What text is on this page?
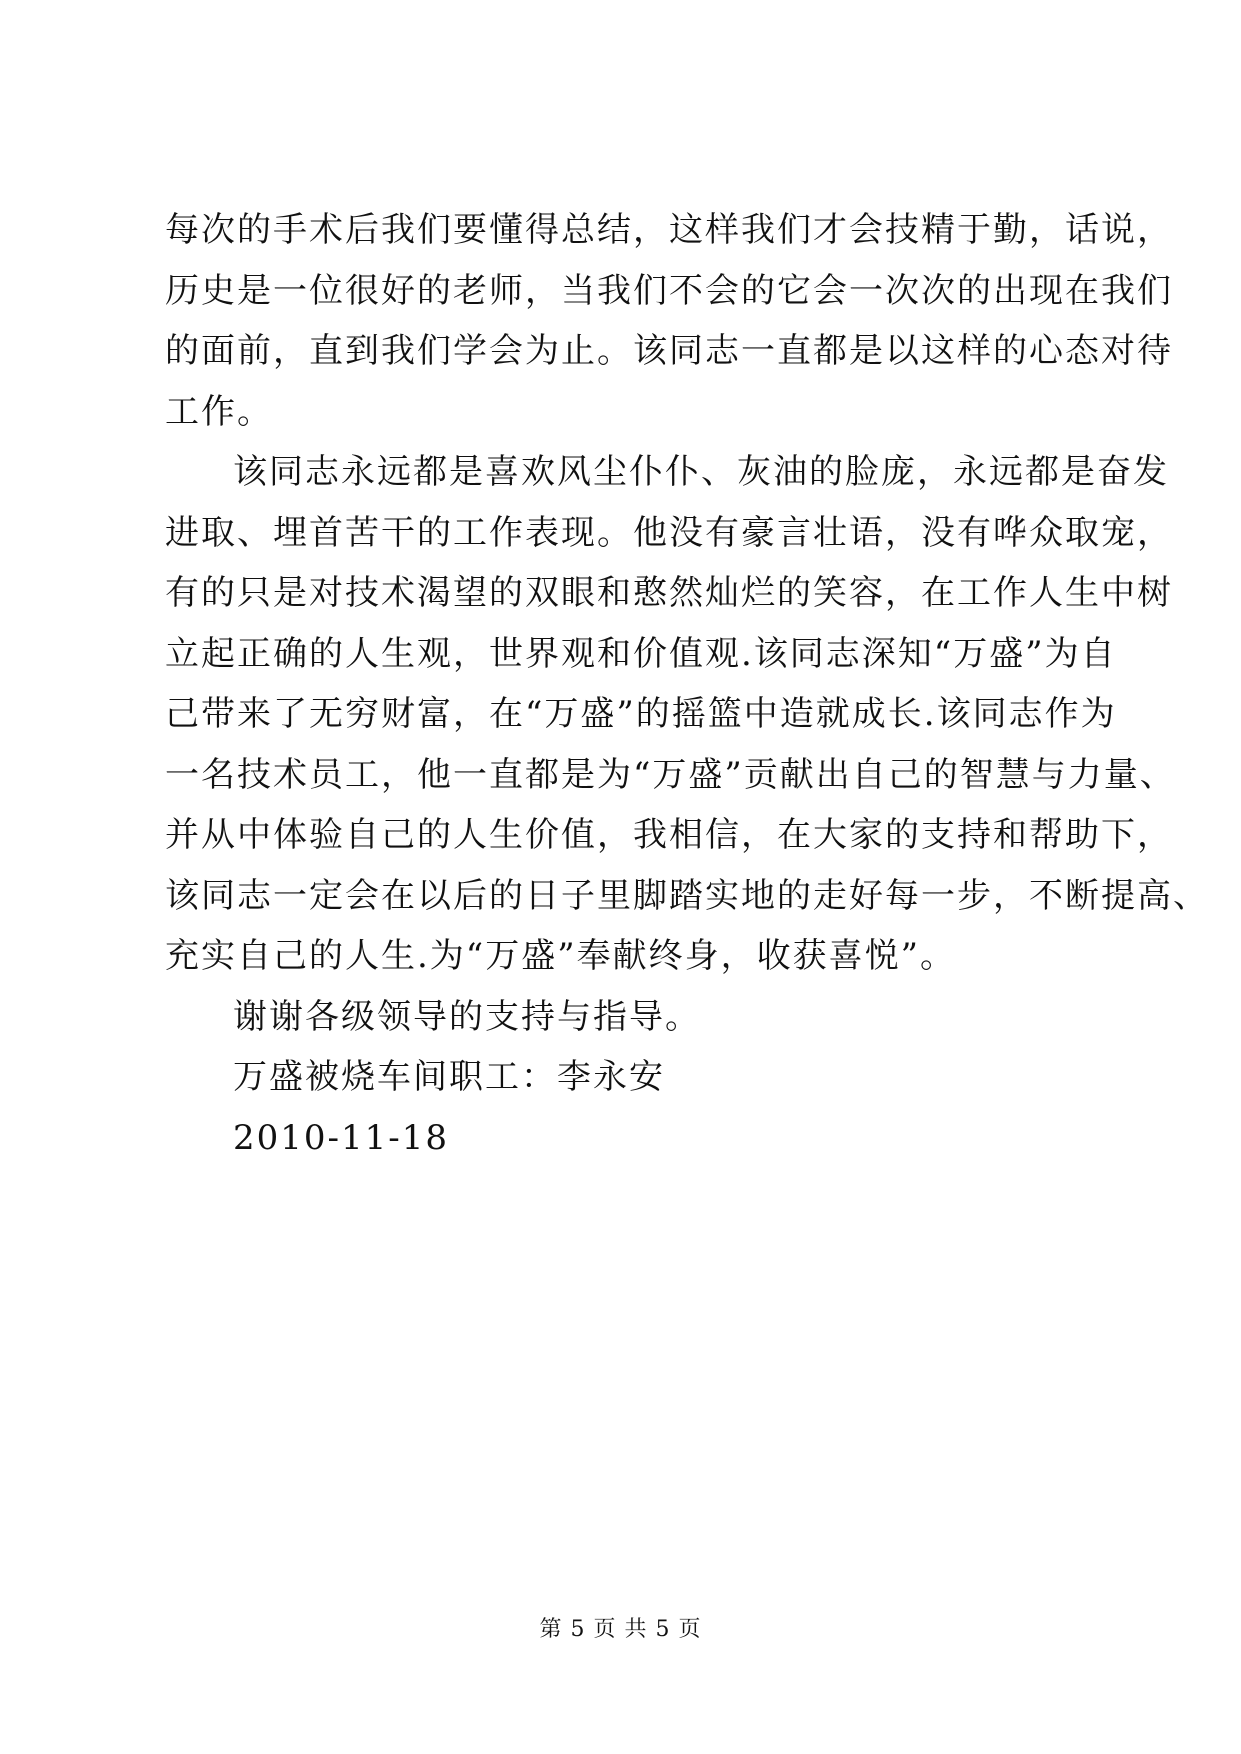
每次的手术后我们要懂得总结，这样我们才会技精于勤，话说，
历史是一位很好的老师，当我们不会的它会一次次的出现在我们
的面前，直到我们学会为止。该同志一直都是以这样的心态对待
工作。
该同志永远都是喜欢风尘仆仆、灰油的脸庞，永远都是奋发
进取、埋首苦干的工作表现。他没有豪言壮语，没有哗众取宠，
有的只是对技术渴望的双眼和憨然灿烂的笑容，在工作人生中树
立起正确的人生观，世界观和价值观.该同志深知“万盛”为自
己带来了无穷财富，在“万盛”的摇篮中造就成长.该同志作为
一名技术员工，他一直都是为“万盛”贡献出自己的智慧与力量、
并从中体验自己的人生价值，我相信，在大家的支持和帮助下，
该同志一定会在以后的日子里脚踏实地的走好每一步，不断提高、
充实自己的人生.为“万盛”奉献终身，收获喜悦”。
谢谢各级领导的支持与指导。
万盛被烧车间职工：李永安
2010-11-18
第 5 页 共 5 页
